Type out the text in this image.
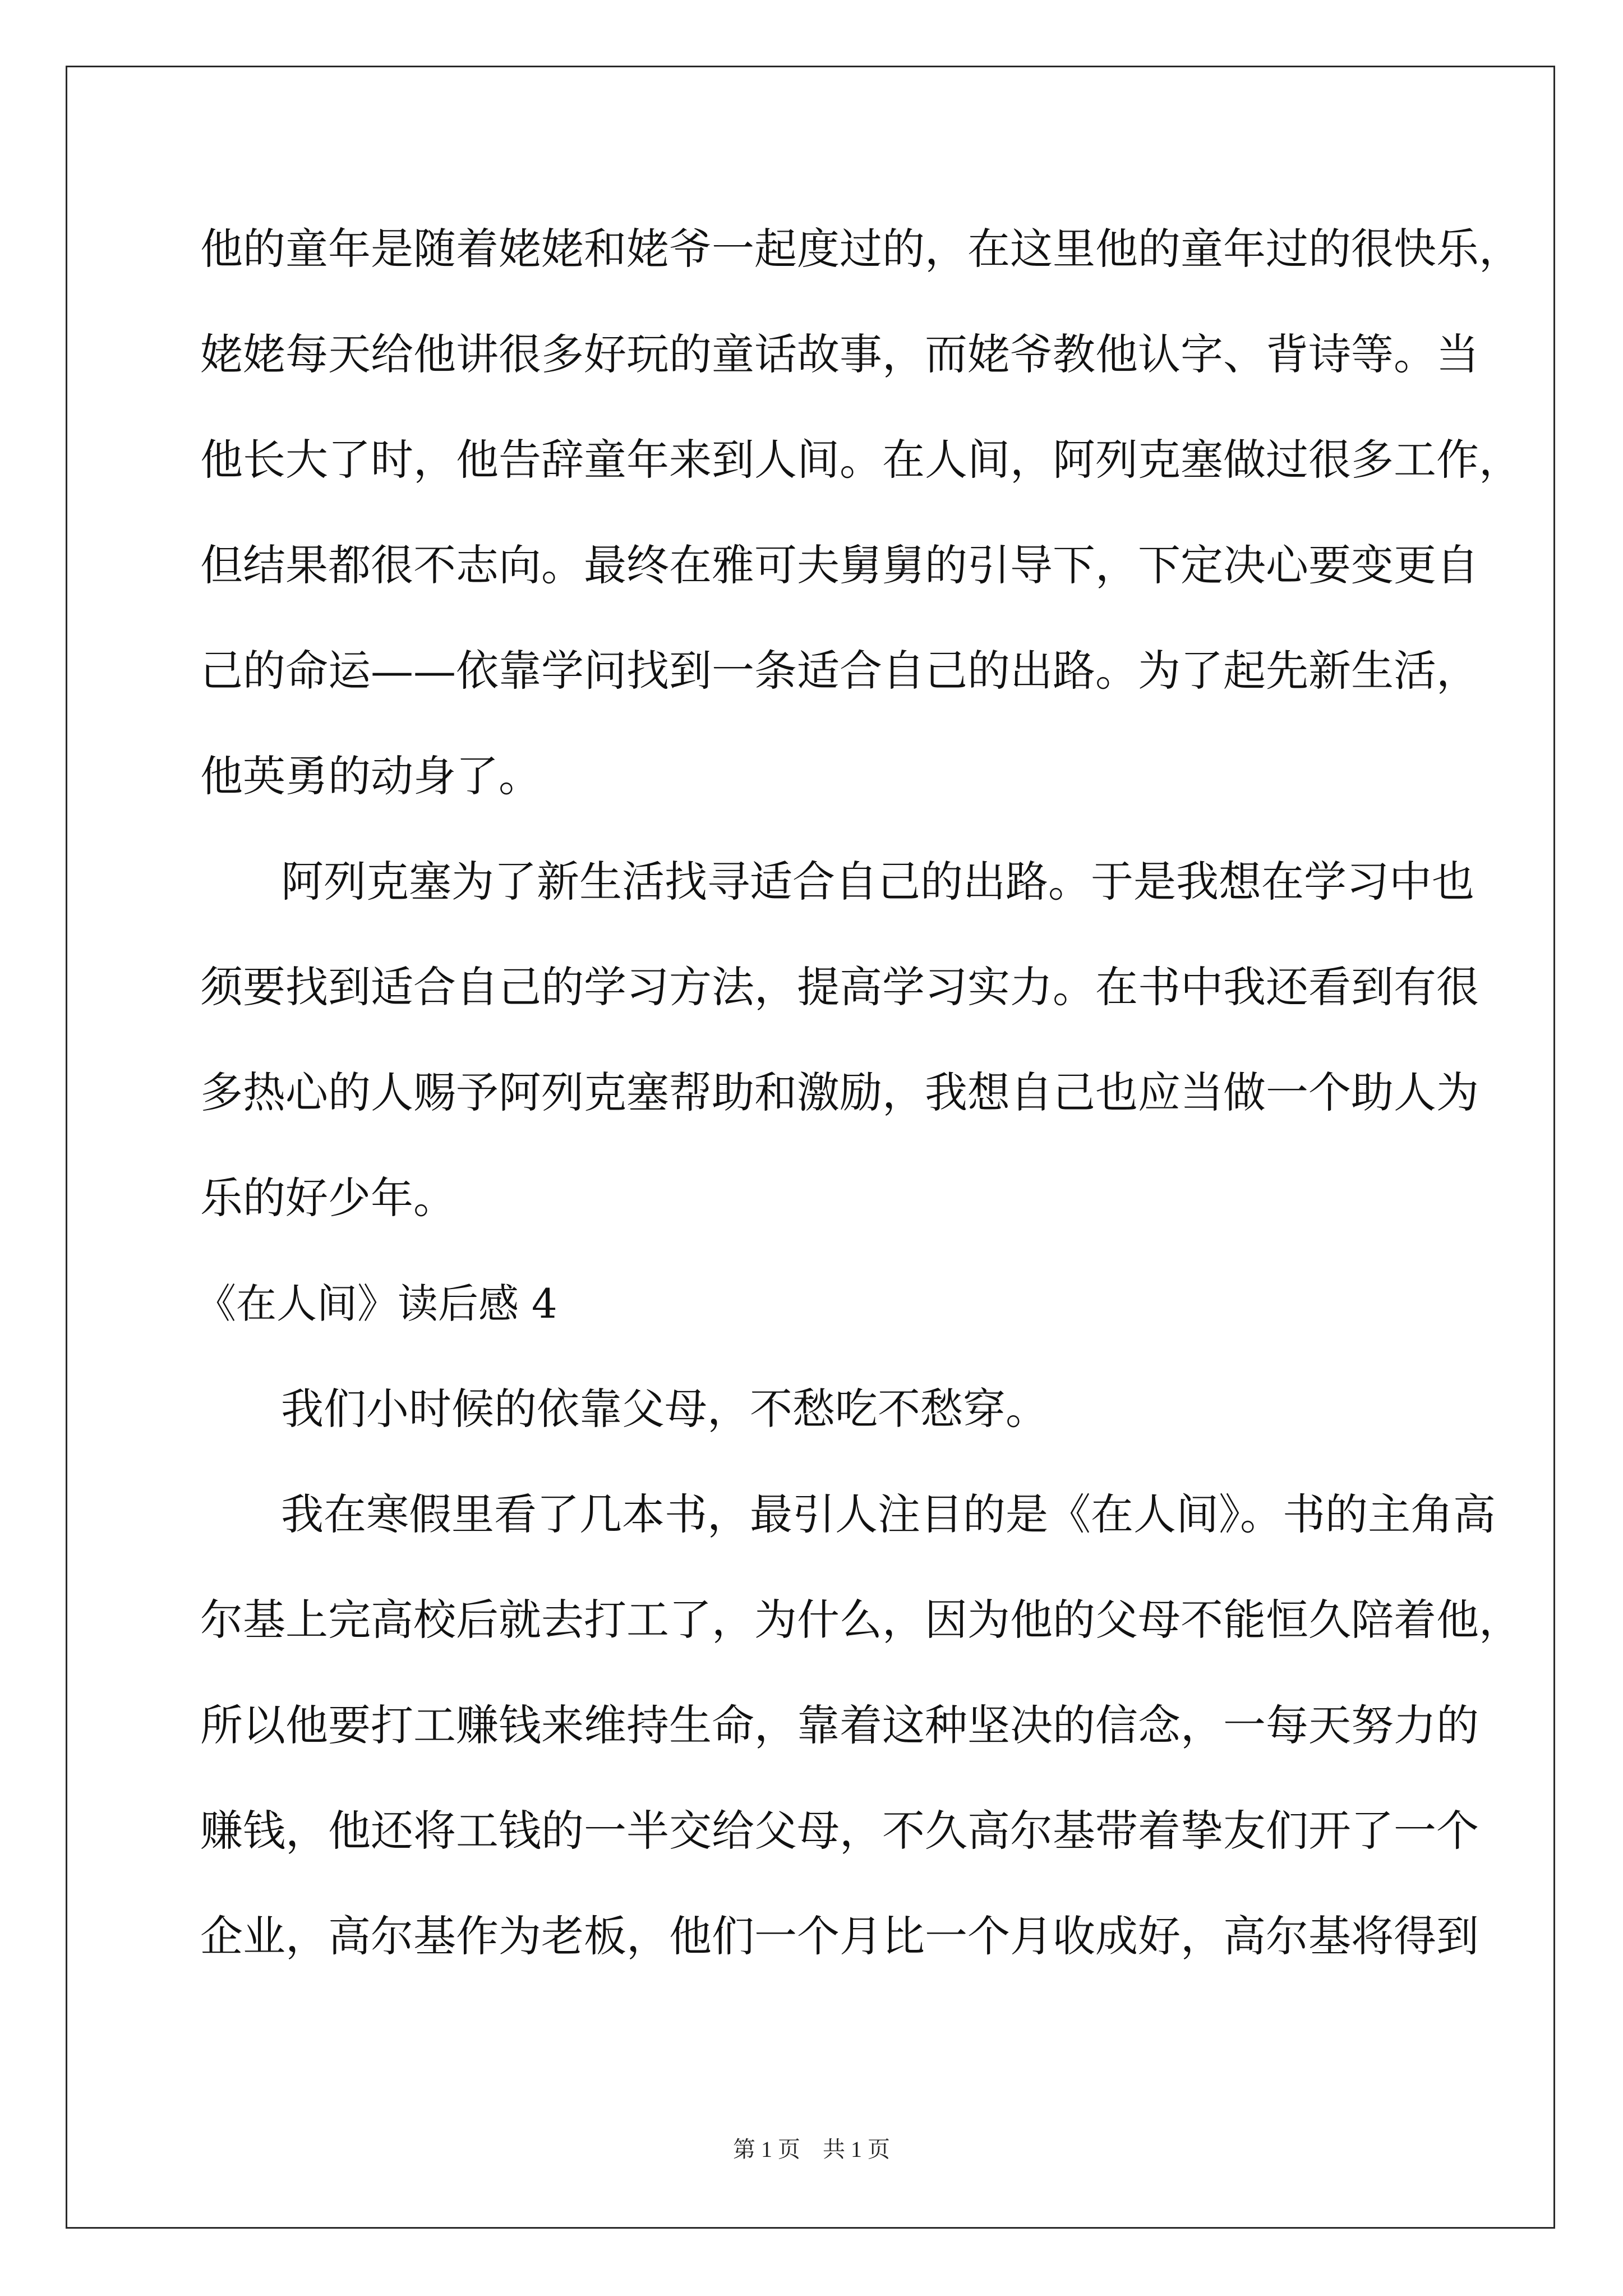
他的童年是随着姥姥和姥爷一起度过的，在这里他的童年过的很快乐，
姥姥每天给他讲很多好玩的童话故事，而姥爷教他认字、背诗等。当
他长大了时，他告辞童年来到人间。在人间，阿列克塞做过很多工作，
但结果都很不志向。最终在雅可夫舅舅的引导下，下定决心要变更自
己的命运——依靠学问找到一条适合自己的出路。为了起先新生活，
他英勇的动身了。
阿列克塞为了新生活找寻适合自己的出路。于是我想在学习中也
须要找到适合自己的学习方法，提高学习实力。在书中我还看到有很
多热心的人赐予阿列克塞帮助和激励，我想自己也应当做一个助人为
乐的好少年。
《在人间》读后感 4
我们小时候的依靠父母，不愁吃不愁穿。
我在寒假里看了几本书，最引人注目的是《在人间》。书的主角高
尔基上完高校后就去打工了，为什么，因为他的父母不能恒久陪着他，
所以他要打工赚钱来维持生命，靠着这种坚决的信念，一每天努力的
赚钱，他还将工钱的一半交给父母，不久高尔基带着挚友们开了一个
企业，高尔基作为老板，他们一个月比一个月收成好，高尔基将得到
第 1 页　共 1 页
